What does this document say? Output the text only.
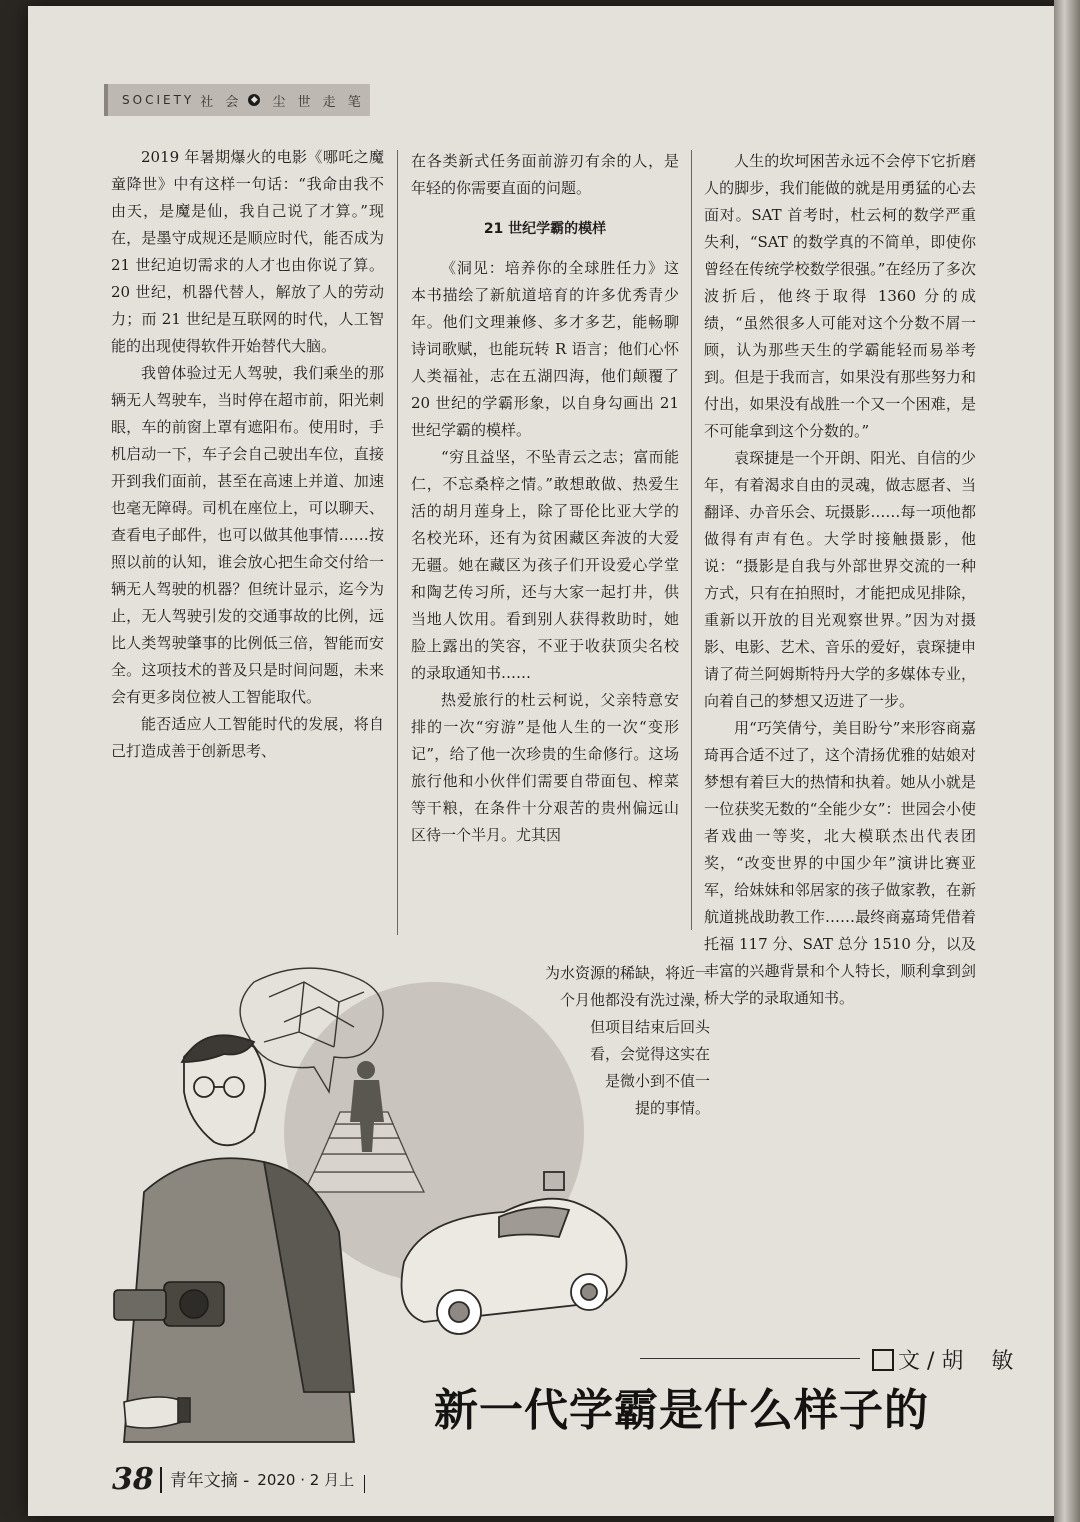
SOCIETY 社 会 ◆ 尘 世 走 笔

2019 年暑期爆火的电影《哪吒之魔童降世》中有这样一句话：“我命由我不由天，是魔是仙，我自己说了才算。”现在，是墨守成规还是顺应时代，能否成为21 世纪迫切需求的人才也由你说了算。20 世纪，机器代替人，解放了人的劳动力；而 21 世纪是互联网的时代，人工智能的出现使得软件开始替代大脑。

我曾体验过无人驾驶，我们乘坐的那辆无人驾驶车，当时停在超市前，阳光刺眼，车的前窗上罩有遮阳布。使用时，手机启动一下，车子会自己驶出车位，直接开到我们面前，甚至在高速上并道、加速也毫无障碍。司机在座位上，可以聊天、查看电子邮件，也可以做其他事情……按照以前的认知，谁会放心把生命交付给一辆无人驾驶的机器？但统计显示，迄今为止，无人驾驶引发的交通事故的比例，远比人类驾驶肇事的比例低三倍，智能而安全。这项技术的普及只是时间问题，未来会有更多岗位被人工智能取代。

能否适应人工智能时代的发展，将自己打造成善于创新思考、

在各类新式任务面前游刃有余的人，是年轻的你需要直面的问题。

21 世纪学霸的模样

《洞见：培养你的全球胜任力》这本书描绘了新航道培育的许多优秀青少年。他们文理兼修、多才多艺，能畅聊诗词歌赋，也能玩转 R 语言；他们心怀人类福祉，志在五湖四海，他们颠覆了 20 世纪的学霸形象，以自身勾画出 21 世纪学霸的模样。

“穷且益坚，不坠青云之志；富而能仁，不忘桑梓之情。”敢想敢做、热爱生活的胡月莲身上，除了哥伦比亚大学的名校光环，还有为贫困藏区奔波的大爱无疆。她在藏区为孩子们开设爱心学堂和陶艺传习所，还与大家一起打井，供当地人饮用。看到别人获得救助时，她脸上露出的笑容，不亚于收获顶尖名校的录取通知书……

热爱旅行的杜云柯说，父亲特意安排的一次“穷游”是他人生的一次“变形记”，给了他一次珍贵的生命修行。这场旅行他和小伙伴们需要自带面包、榨菜等干粮，在条件十分艰苦的贵州偏远山区待一个半月。尤其因

为水资源的稀缺，将近一

个月他都没有洗过澡，

但项目结束后回头

看，会觉得这实在

是微小到不值一

提的事情。

人生的坎坷困苦永远不会停下它折磨人的脚步，我们能做的就是用勇猛的心去面对。SAT 首考时，杜云柯的数学严重失利，“SAT 的数学真的不简单，即使你曾经在传统学校数学很强。”在经历了多次波折后，他终于取得 1360 分的成绩，“虽然很多人可能对这个分数不屑一顾，认为那些天生的学霸能轻而易举考到。但是于我而言，如果没有那些努力和付出，如果没有战胜一个又一个困难，是不可能拿到这个分数的。”

袁琛捷是一个开朗、阳光、自信的少年，有着渴求自由的灵魂，做志愿者、当翻译、办音乐会、玩摄影……每一项他都做得有声有色。大学时接触摄影，他说：“摄影是自我与外部世界交流的一种方式，只有在拍照时，才能把成见排除，重新以开放的目光观察世界。”因为对摄影、电影、艺术、音乐的爱好，袁琛捷申请了荷兰阿姆斯特丹大学的多媒体专业，向着自己的梦想又迈进了一步。

用“巧笑倩兮，美目盼兮”来形容商嘉琦再合适不过了，这个清扬优雅的姑娘对梦想有着巨大的热情和执着。她从小就是一位获奖无数的“全能少女”：世园会小使者戏曲一等奖，北大模联杰出代表团奖，“改变世界的中国少年”演讲比赛亚军，给妹妹和邻居家的孩子做家教，在新航道挑战助教工作……最终商嘉琦凭借着托福 117 分、SAT 总分 1510 分，以及丰富的兴趣背景和个人特长，顺利拿到剑桥大学的录取通知书。

文 / 胡 敏
新一代学霸是什么样子的
38 青年文摘 - 2020 · 2 月上
